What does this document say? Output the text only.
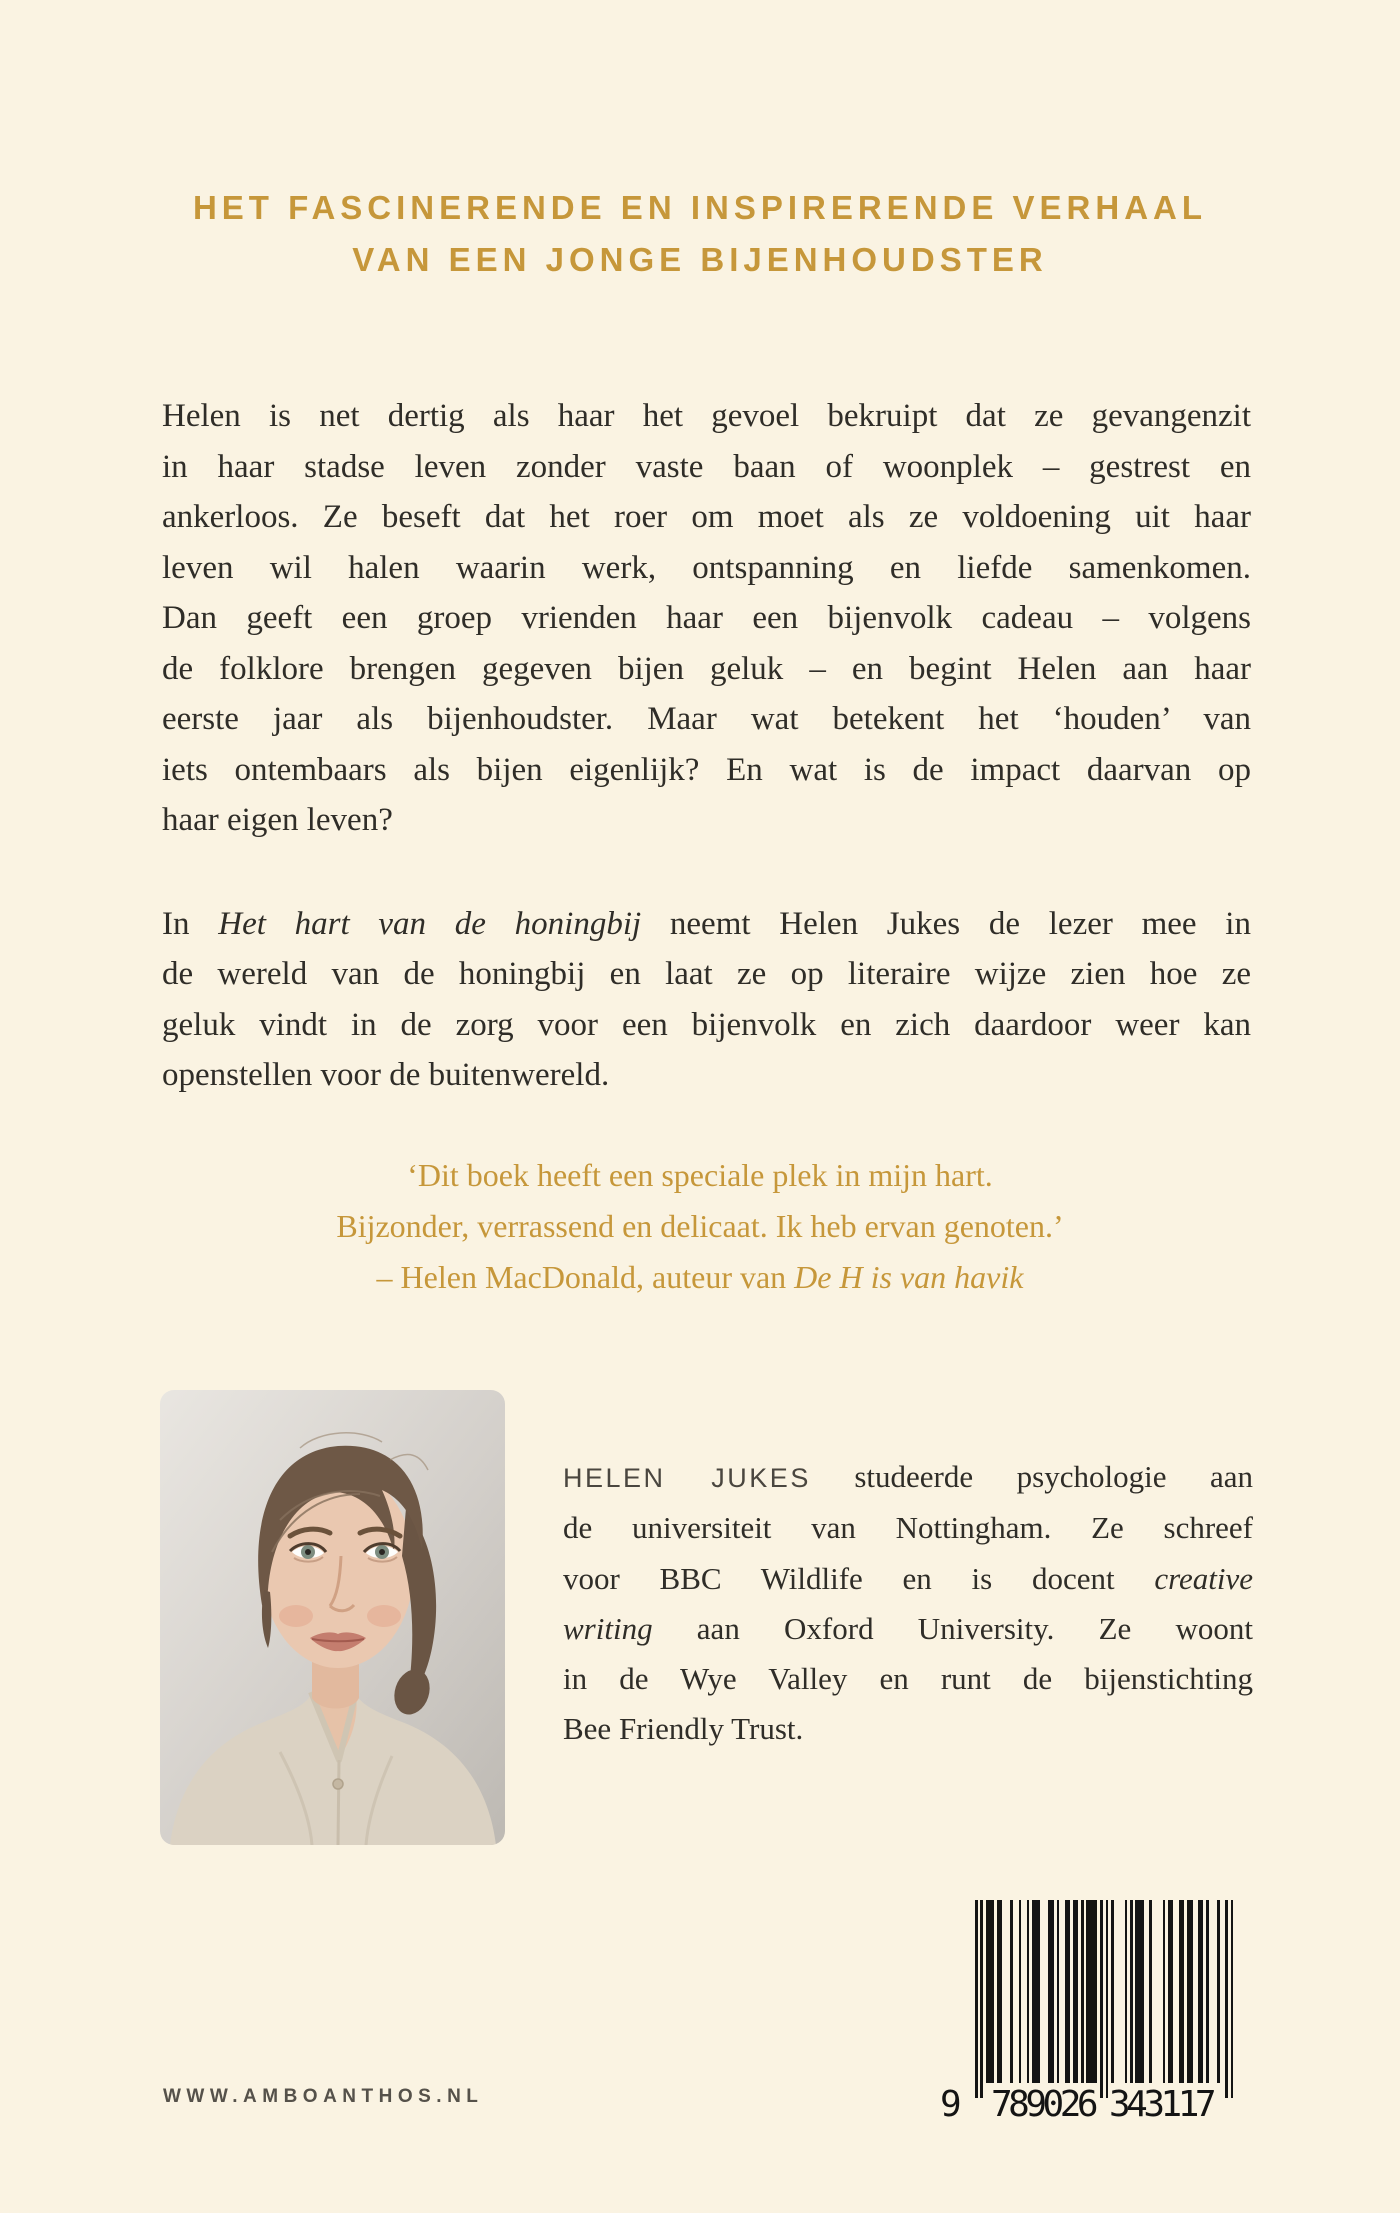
HET FASCINERENDE EN INSPIRERENDE VERHAAL
VAN EEN JONGE BIJENHOUDSTER
Helen is net dertig als haar het gevoel bekruipt dat ze gevangenzit
in haar stadse leven zonder vaste baan of woonplek – gestrest en
ankerloos. Ze beseft dat het roer om moet als ze voldoening uit haar
leven wil halen waarin werk, ontspanning en liefde samenkomen.
Dan geeft een groep vrienden haar een bijenvolk cadeau – volgens
de folklore brengen gegeven bijen geluk – en begint Helen aan haar
eerste jaar als bijenhoudster. Maar wat betekent het ‘houden’ van
iets ontembaars als bijen eigenlijk? En wat is de impact daarvan op
haar eigen leven?
In Het hart van de honingbij neemt Helen Jukes de lezer mee in
de wereld van de honingbij en laat ze op literaire wijze zien hoe ze
geluk vindt in de zorg voor een bijenvolk en zich daardoor weer kan
openstellen voor de buitenwereld.
‘Dit boek heeft een speciale plek in mijn hart.
Bijzonder, verrassend en delicaat. Ik heb ervan genoten.’
– Helen MacDonald, auteur van De H is van havik
HELEN JUKES studeerde psychologie aan
de universiteit van Nottingham. Ze schreef
voor BBC Wildlife en is docent creative
writing aan Oxford University. Ze woont
in de Wye Valley en runt de bijenstichting
Bee Friendly Trust.
WWW.AMBOANTHOS.NL	9 789026 343117
